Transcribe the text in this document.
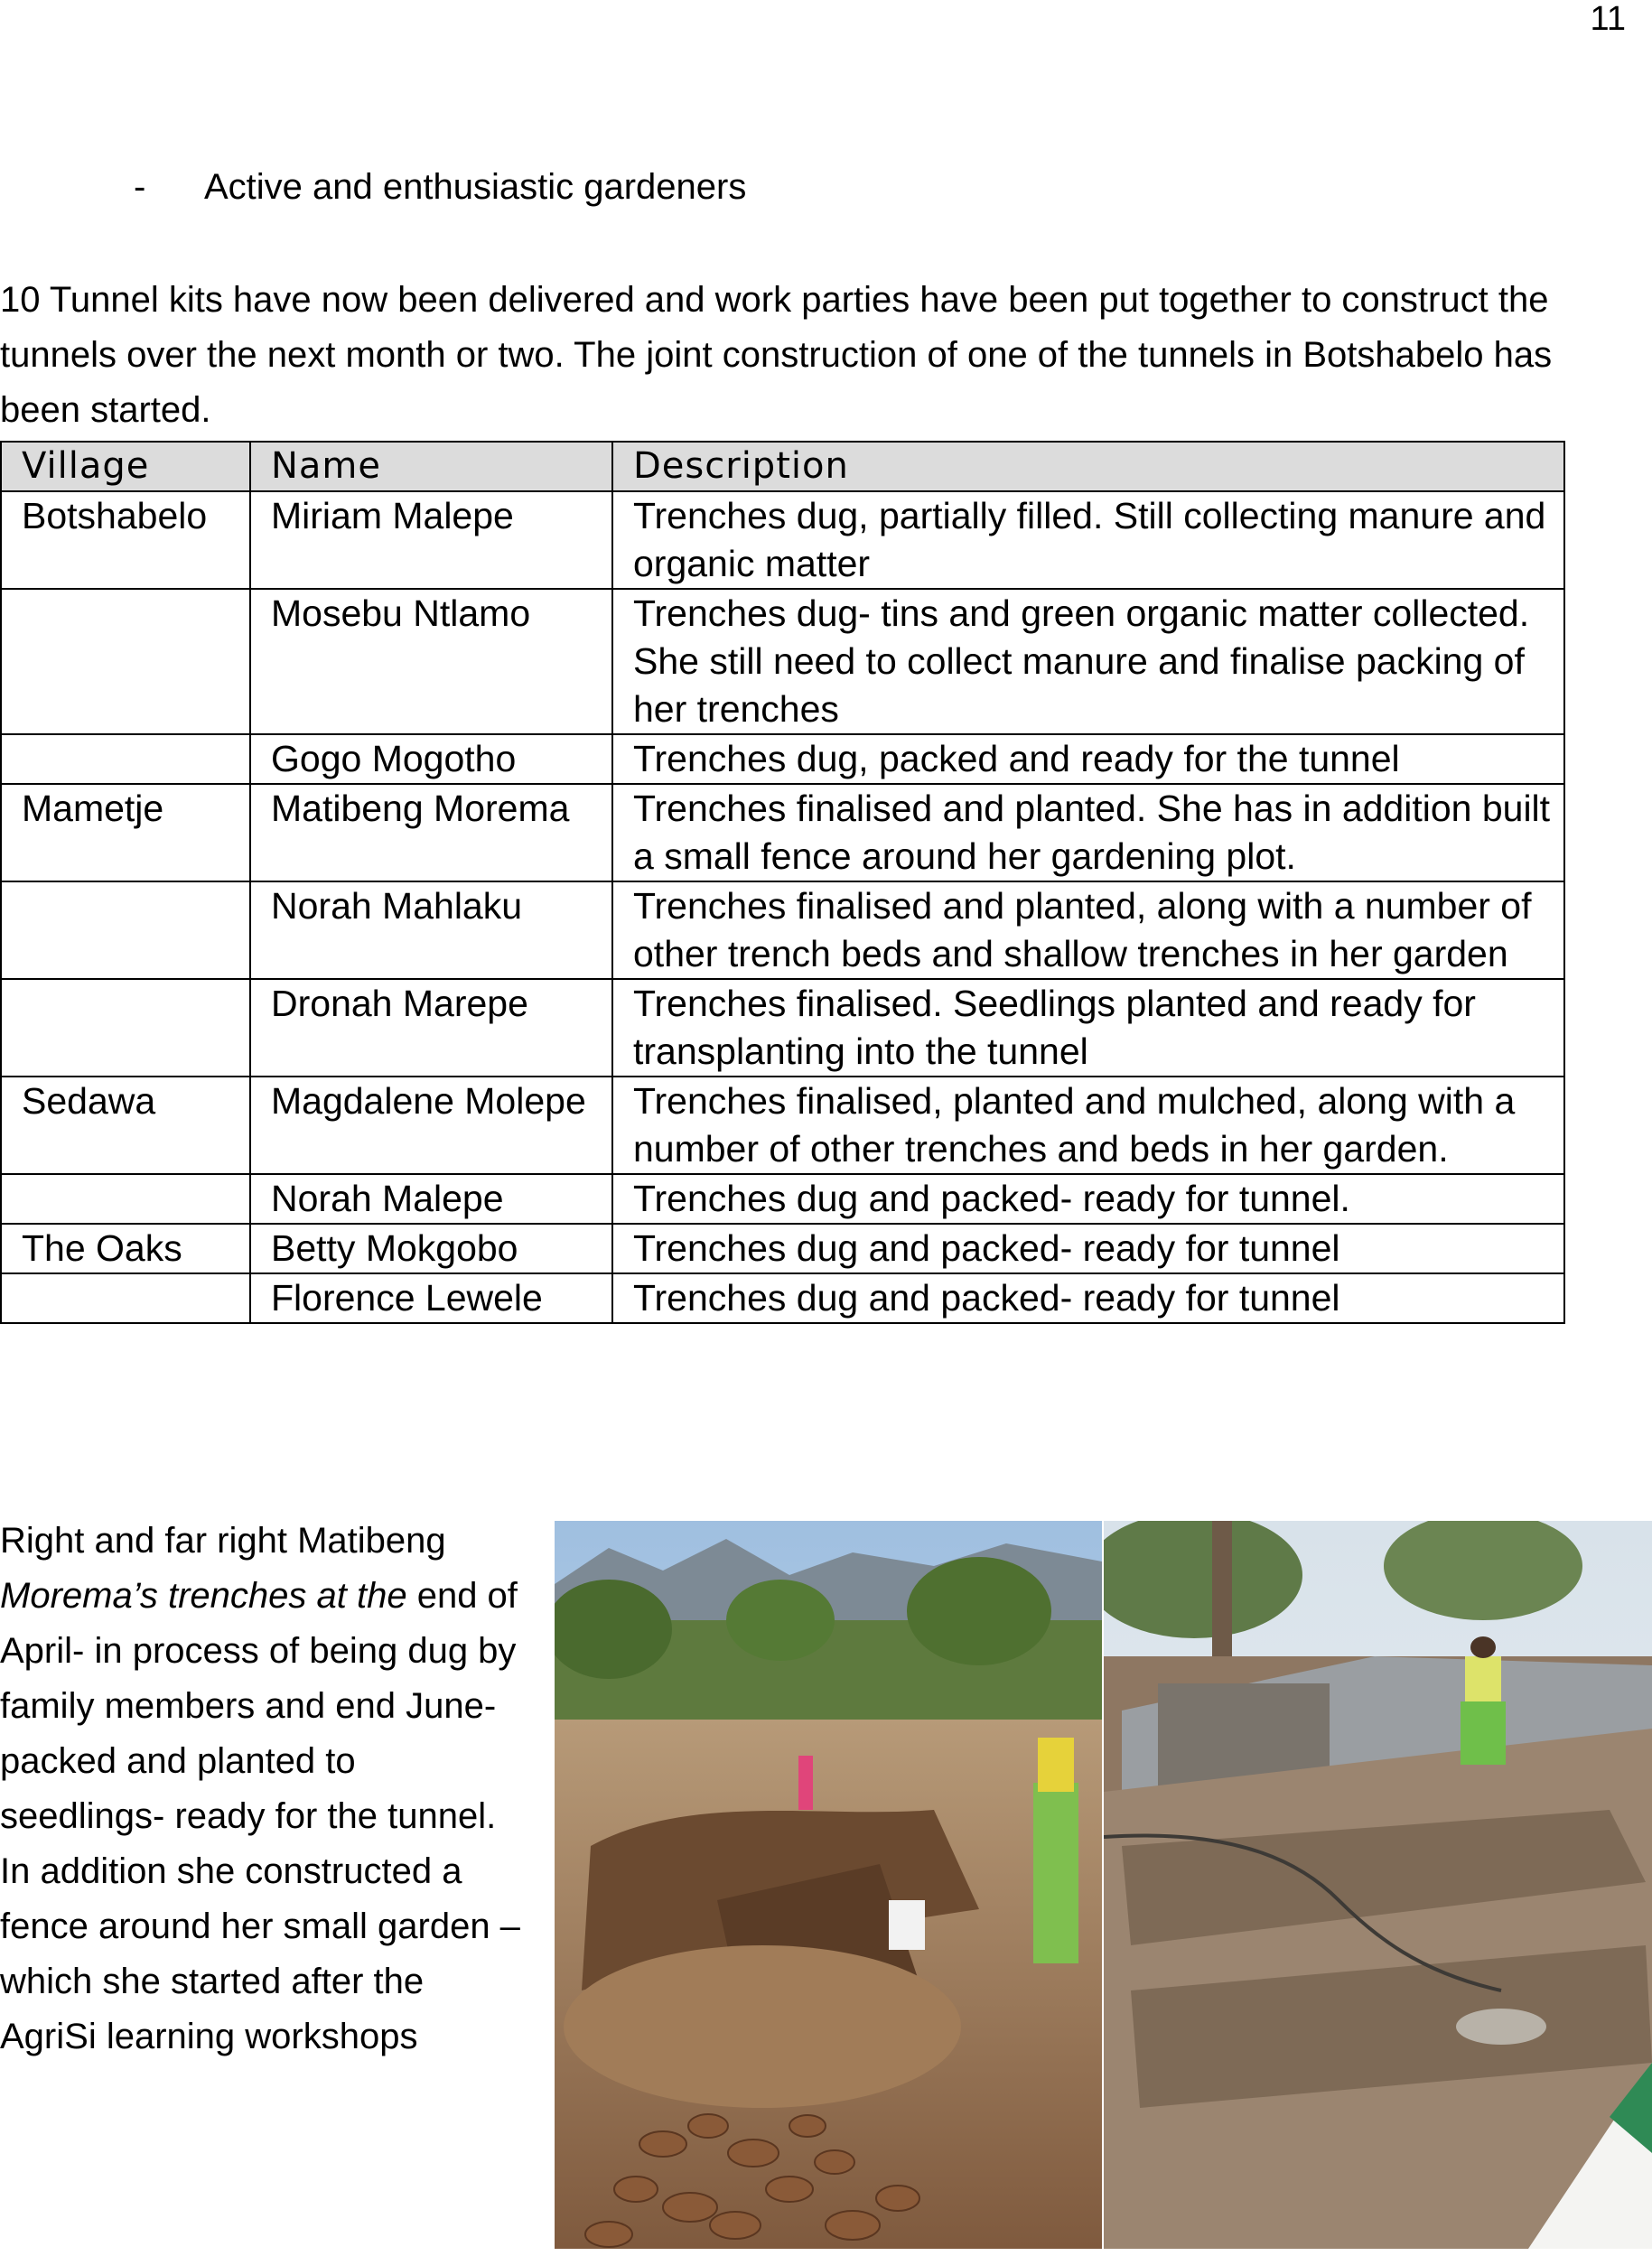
11
- Active and enthusiastic gardeners

10 Tunnel kits have now been delivered and work parties have been put together to construct the tunnels over the next month or two. The joint construction of one of the tunnels in Botshabelo has been started.

Village	Name	Description
Botshabelo	Miriam Malepe	Trenches dug, partially filled. Still collecting manure and organic matter
	Mosebu Ntlamo	Trenches dug- tins and green organic matter collected. She still need to collect manure and finalise packing of her trenches
	Gogo Mogotho	Trenches dug, packed and ready for the tunnel
Mametje	Matibeng Morema	Trenches finalised and planted. She has in addition built a small fence around her gardening plot.
	Norah Mahlaku	Trenches finalised and planted, along with a number of other trench beds and shallow trenches in her garden
	Dronah Marepe	Trenches finalised. Seedlings planted and ready for transplanting into the tunnel
Sedawa	Magdalene Molepe	Trenches finalised, planted and mulched, along with a number of other trenches and beds in her garden.
	Norah Malepe	Trenches dug and packed- ready for tunnel.
The Oaks	Betty Mokgobo	Trenches dug and packed- ready for tunnel
	Florence Lewele	Trenches dug and packed- ready for tunnel

Right and far right Matibeng Morema’s trenches at the end of April- in process of being dug by family members and end June- packed and planted to seedlings- ready for the tunnel. In addition she constructed a fence around her small garden – which she started after the AgriSi learning workshops
